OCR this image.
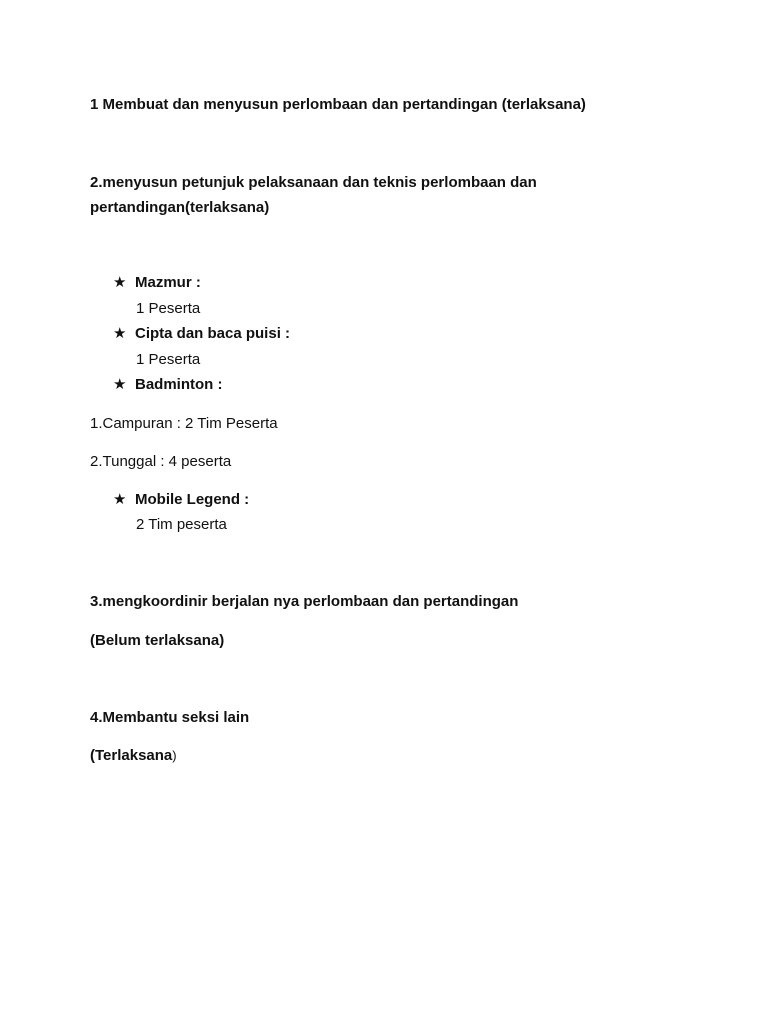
1 Membuat dan menyusun perlombaan dan pertandingan (terlaksana)
2.menyusun petunjuk pelaksanaan dan teknis perlombaan dan
pertandingan(terlaksana)
★ Mazmur :
1 Peserta
★ Cipta dan baca puisi :
1 Peserta
★ Badminton :
1.Campuran : 2 Tim Peserta
2.Tunggal : 4 peserta
★ Mobile Legend :
2 Tim peserta
3.mengkoordinir berjalan nya perlombaan dan pertandingan
(Belum terlaksana)
4.Membantu seksi lain
(Terlaksana)
